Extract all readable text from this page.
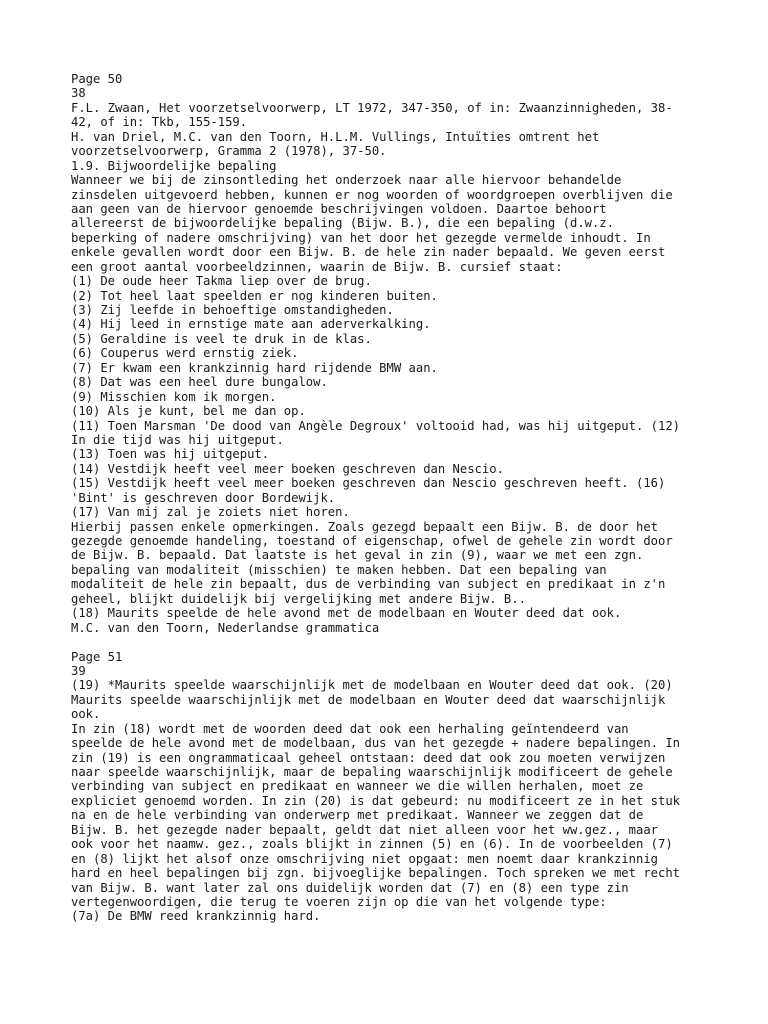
Page 50
38
F.L. Zwaan, Het voorzetselvoorwerp, LT 1972, 347-350, of in: Zwaanzinnigheden, 38-
42, of in: Tkb, 155-159.
H. van Driel, M.C. van den Toorn, H.L.M. Vullings, Intuïties omtrent het
voorzetselvoorwerp, Gramma 2 (1978), 37-50.
1.9. Bijwoordelijke bepaling
Wanneer we bij de zinsontleding het onderzoek naar alle hiervoor behandelde
zinsdelen uitgevoerd hebben, kunnen er nog woorden of woordgroepen overblijven die
aan geen van de hiervoor genoemde beschrijvingen voldoen. Daartoe behoort
allereerst de bijwoordelijke bepaling (Bijw. B.), die een bepaling (d.w.z.
beperking of nadere omschrijving) van het door het gezegde vermelde inhoudt. In
enkele gevallen wordt door een Bijw. B. de hele zin nader bepaald. We geven eerst
een groot aantal voorbeeldzinnen, waarin de Bijw. B. cursief staat:
(1) De oude heer Takma liep over de brug.
(2) Tot heel laat speelden er nog kinderen buiten.
(3) Zij leefde in behoeftige omstandigheden.
(4) Hij leed in ernstige mate aan aderverkalking.
(5) Geraldine is veel te druk in de klas.
(6) Couperus werd ernstig ziek.
(7) Er kwam een krankzinnig hard rijdende BMW aan.
(8) Dat was een heel dure bungalow.
(9) Misschien kom ik morgen.
(10) Als je kunt, bel me dan op.
(11) Toen Marsman 'De dood van Angèle Degroux' voltooid had, was hij uitgeput. (12)
In die tijd was hij uitgeput.
(13) Toen was hij uitgeput.
(14) Vestdijk heeft veel meer boeken geschreven dan Nescio.
(15) Vestdijk heeft veel meer boeken geschreven dan Nescio geschreven heeft. (16)
'Bint' is geschreven door Bordewijk.
(17) Van mij zal je zoiets niet horen.
Hierbij passen enkele opmerkingen. Zoals gezegd bepaalt een Bijw. B. de door het
gezegde genoemde handeling, toestand of eigenschap, ofwel de gehele zin wordt door
de Bijw. B. bepaald. Dat laatste is het geval in zin (9), waar we met een zgn.
bepaling van modaliteit (misschien) te maken hebben. Dat een bepaling van
modaliteit de hele zin bepaalt, dus de verbinding van subject en predikaat in z'n
geheel, blijkt duidelijk bij vergelijking met andere Bijw. B..
(18) Maurits speelde de hele avond met de modelbaan en Wouter deed dat ook.
M.C. van den Toorn, Nederlandse grammatica
Page 51
39
(19) *Maurits speelde waarschijnlijk met de modelbaan en Wouter deed dat ook. (20)
Maurits speelde waarschijnlijk met de modelbaan en Wouter deed dat waarschijnlijk
ook.
In zin (18) wordt met de woorden deed dat ook een herhaling geïntendeerd van
speelde de hele avond met de modelbaan, dus van het gezegde + nadere bepalingen. In
zin (19) is een ongrammaticaal geheel ontstaan: deed dat ook zou moeten verwijzen
naar speelde waarschijnlijk, maar de bepaling waarschijnlijk modificeert de gehele
verbinding van subject en predikaat en wanneer we die willen herhalen, moet ze
expliciet genoemd worden. In zin (20) is dat gebeurd: nu modificeert ze in het stuk
na en de hele verbinding van onderwerp met predikaat. Wanneer we zeggen dat de
Bijw. B. het gezegde nader bepaalt, geldt dat niet alleen voor het ww.gez., maar
ook voor het naamw. gez., zoals blijkt in zinnen (5) en (6). In de voorbeelden (7)
en (8) lijkt het alsof onze omschrijving niet opgaat: men noemt daar krankzinnig
hard en heel bepalingen bij zgn. bijvoeglijke bepalingen. Toch spreken we met recht
van Bijw. B. want later zal ons duidelijk worden dat (7) en (8) een type zin
vertegenwoordigen, die terug te voeren zijn op die van het volgende type:
(7a) De BMW reed krankzinnig hard.
